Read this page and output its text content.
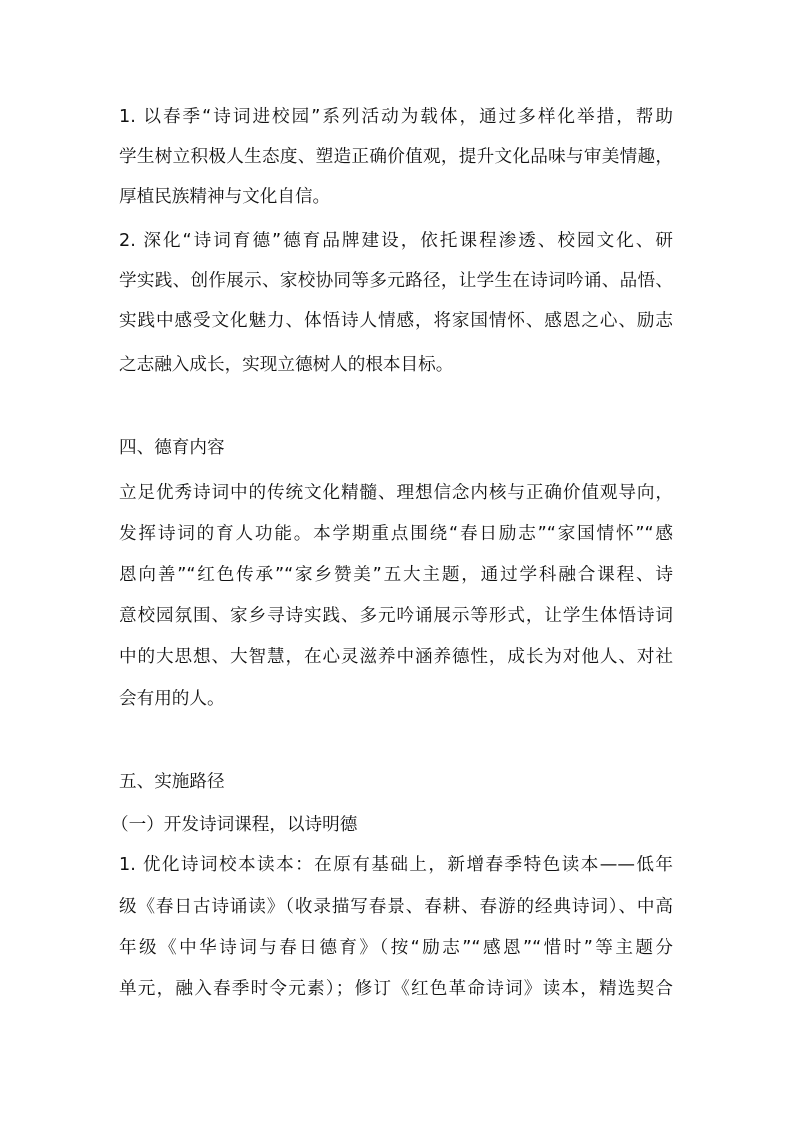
1. 以春季“诗词进校园”系列活动为载体，通过多样化举措，帮助
学生树立积极人生态度、塑造正确价值观，提升文化品味与审美情趣，
厚植民族精神与文化自信。
2. 深化“诗词育德”德育品牌建设，依托课程渗透、校园文化、研
学实践、创作展示、家校协同等多元路径，让学生在诗词吟诵、品悟、
实践中感受文化魅力、体悟诗人情感，将家国情怀、感恩之心、励志
之志融入成长，实现立德树人的根本目标。
四、德育内容
立足优秀诗词中的传统文化精髓、理想信念内核与正确价值观导向，
发挥诗词的育人功能。本学期重点围绕“春日励志”“家国情怀”“感
恩向善”“红色传承”“家乡赞美”五大主题，通过学科融合课程、诗
意校园氛围、家乡寻诗实践、多元吟诵展示等形式，让学生体悟诗词
中的大思想、大智慧，在心灵滋养中涵养德性，成长为对他人、对社
会有用的人。
五、实施路径
（一）开发诗词课程，以诗明德
1. 优化诗词校本读本：在原有基础上，新增春季特色读本——低年
级《春日古诗诵读》（收录描写春景、春耕、春游的经典诗词）、中高
年级《中华诗词与春日德育》（按“励志”“感恩”“惜时”等主题分
单元，融入春季时令元素）；修订《红色革命诗词》读本，精选契合
